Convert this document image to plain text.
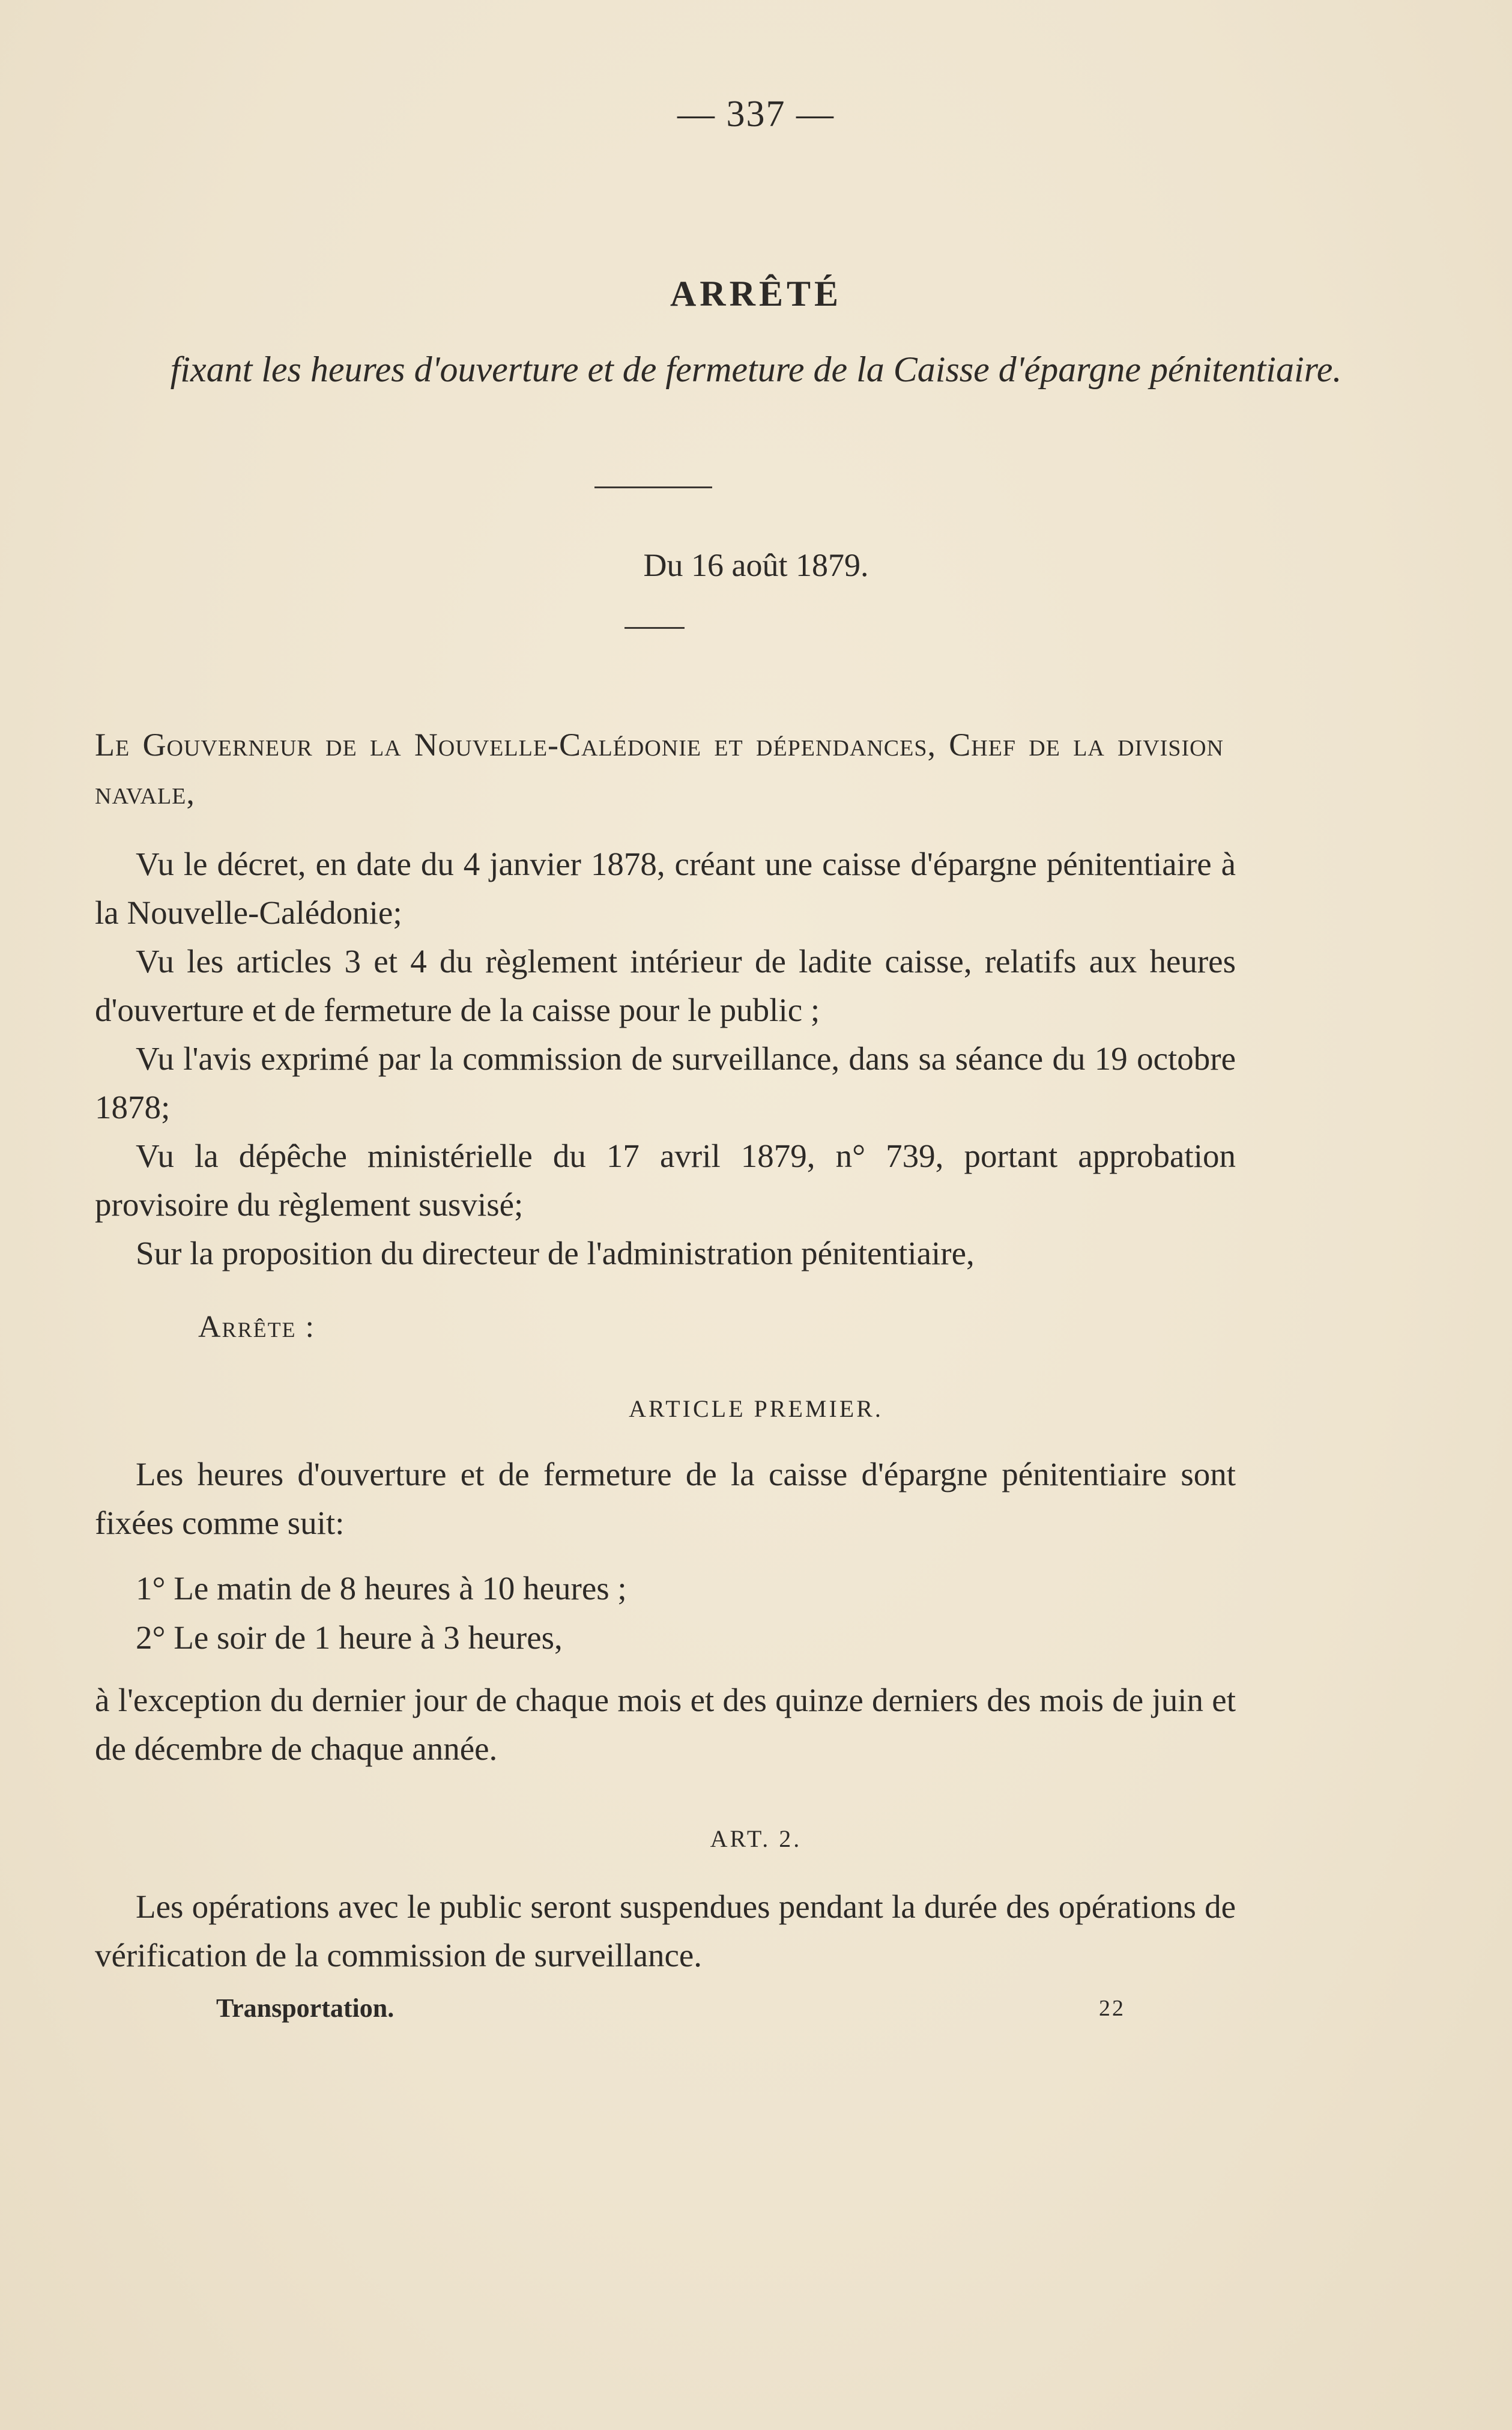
— 337 —
ARRÊTÉ
fixant les heures d'ouverture et de fermeture de la Caisse d'épargne pénitentiaire.
Du 16 août 1879.
Le Gouverneur de la Nouvelle-Calédonie et dépendances, Chef de la division navale,
Vu le décret, en date du 4 janvier 1878, créant une caisse d'épargne pénitentiaire à la Nouvelle-Calédonie;
Vu les articles 3 et 4 du règlement intérieur de ladite caisse, relatifs aux heures d'ouverture et de fermeture de la caisse pour le public ;
Vu l'avis exprimé par la commission de surveillance, dans sa séance du 19 octobre 1878;
Vu la dépêche ministérielle du 17 avril 1879, n° 739, portant approbation provisoire du règlement susvisé;
Sur la proposition du directeur de l'administration pénitentiaire,
Arrête :
ARTICLE PREMIER.
Les heures d'ouverture et de fermeture de la caisse d'épargne pénitentiaire sont fixées comme suit:
1° Le matin de 8 heures à 10 heures ;
2° Le soir de 1 heure à 3 heures,
à l'exception du dernier jour de chaque mois et des quinze derniers des mois de juin et de décembre de chaque année.
ART. 2.
Les opérations avec le public seront suspendues pendant la durée des opérations de vérification de la commission de surveillance.
Transportation.	22
